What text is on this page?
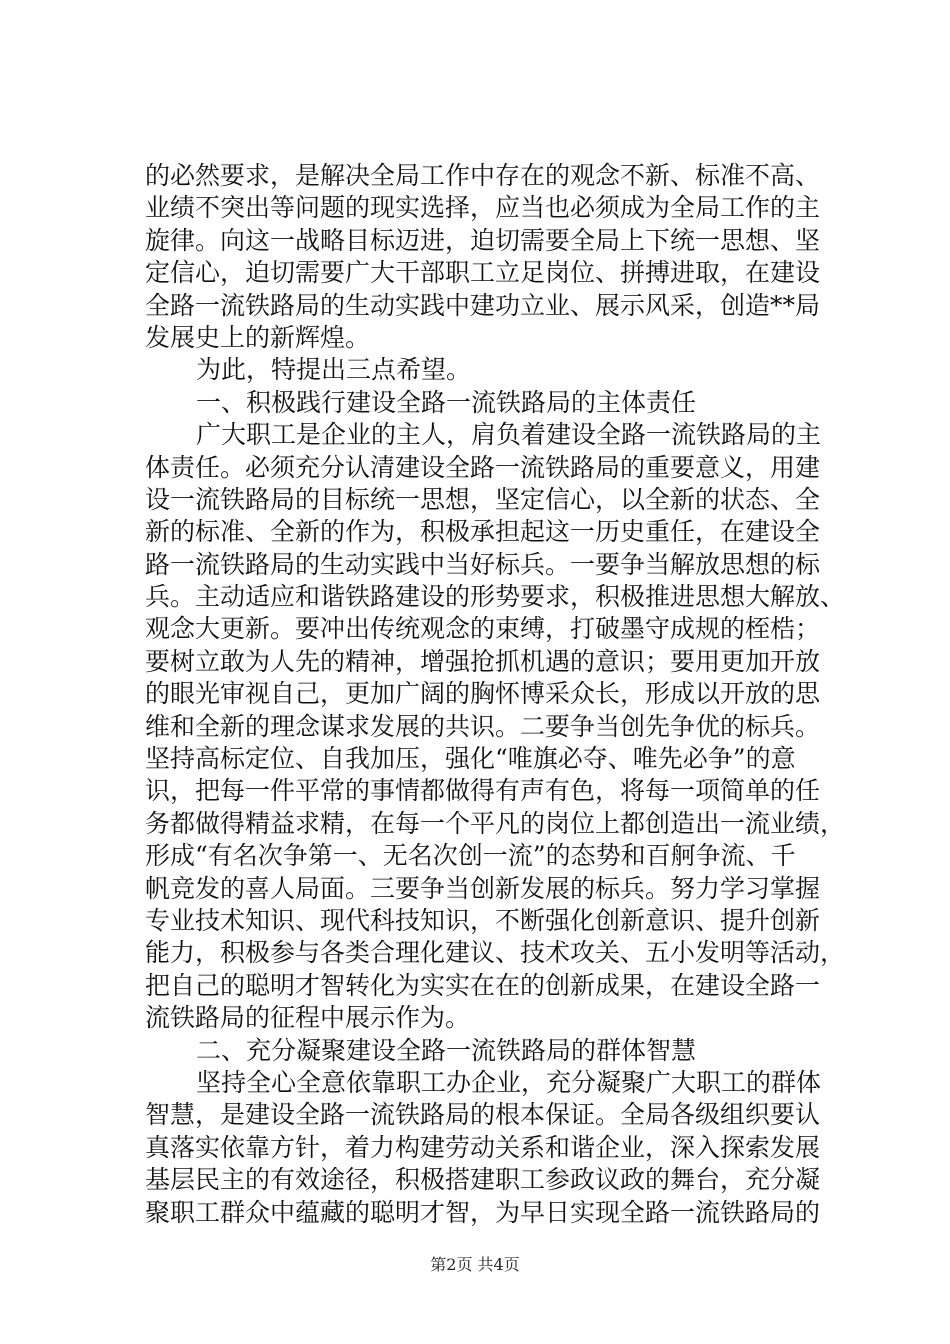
的必然要求，是解决全局工作中存在的观念不新、标准不高、
业绩不突出等问题的现实选择，应当也必须成为全局工作的主
旋律。向这一战略目标迈进，迫切需要全局上下统一思想、坚
定信心，迫切需要广大干部职工立足岗位、拼搏进取，在建设
全路一流铁路局的生动实践中建功立业、展示风采，创造**局
发展史上的新辉煌。
为此，特提出三点希望。
一、积极践行建设全路一流铁路局的主体责任
广大职工是企业的主人，肩负着建设全路一流铁路局的主
体责任。必须充分认清建设全路一流铁路局的重要意义，用建
设一流铁路局的目标统一思想，坚定信心，以全新的状态、全
新的标准、全新的作为，积极承担起这一历史重任，在建设全
路一流铁路局的生动实践中当好标兵。一要争当解放思想的标
兵。主动适应和谐铁路建设的形势要求，积极推进思想大解放、
观念大更新。要冲出传统观念的束缚，打破墨守成规的桎梏；
要树立敢为人先的精神，增强抢抓机遇的意识；要用更加开放
的眼光审视自己，更加广阔的胸怀博采众长，形成以开放的思
维和全新的理念谋求发展的共识。二要争当创先争优的标兵。
坚持高标定位、自我加压，强化“唯旗必夺、唯先必争”的意
识，把每一件平常的事情都做得有声有色，将每一项简单的任
务都做得精益求精，在每一个平凡的岗位上都创造出一流业绩，
形成“有名次争第一、无名次创一流”的态势和百舸争流、千
帆竞发的喜人局面。三要争当创新发展的标兵。努力学习掌握
专业技术知识、现代科技知识，不断强化创新意识、提升创新
能力，积极参与各类合理化建议、技术攻关、五小发明等活动，
把自己的聪明才智转化为实实在在的创新成果，在建设全路一
流铁路局的征程中展示作为。
二、充分凝聚建设全路一流铁路局的群体智慧
坚持全心全意依靠职工办企业，充分凝聚广大职工的群体
智慧，是建设全路一流铁路局的根本保证。全局各级组织要认
真落实依靠方针，着力构建劳动关系和谐企业，深入探索发展
基层民主的有效途径，积极搭建职工参政议政的舞台，充分凝
聚职工群众中蕴藏的聪明才智，为早日实现全路一流铁路局的
第2页 共4页
